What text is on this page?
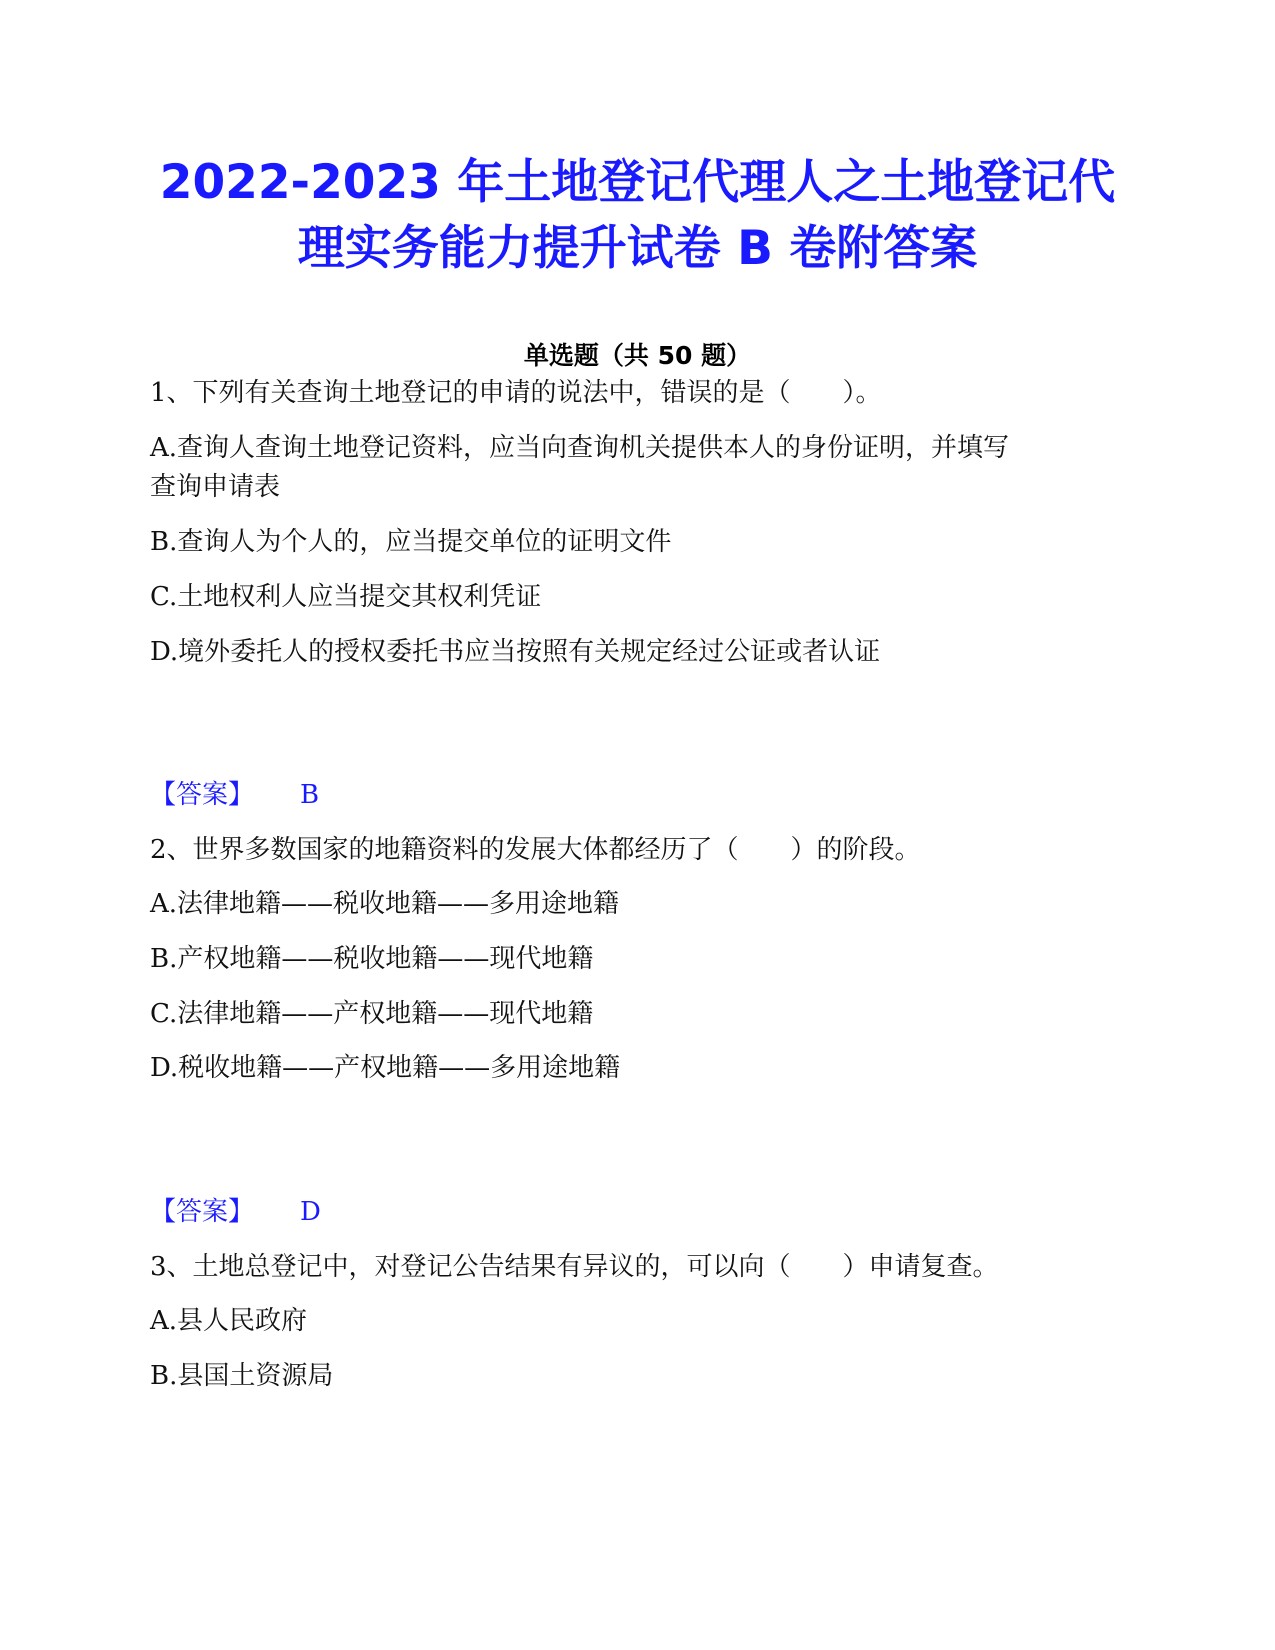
2022-2023 年土地登记代理人之土地登记代
理实务能力提升试卷 B 卷附答案
单选题（共 50 题）
1、下列有关查询土地登记的申请的说法中，错误的是（　　）。
A.查询人查询土地登记资料，应当向查询机关提供本人的身份证明，并填写
查询申请表
B.查询人为个人的，应当提交单位的证明文件
C.土地权利人应当提交其权利凭证
D.境外委托人的授权委托书应当按照有关规定经过公证或者认证
【答案】 B
2、世界多数国家的地籍资料的发展大体都经历了（　　）的阶段。
A.法律地籍——税收地籍——多用途地籍
B.产权地籍——税收地籍——现代地籍
C.法律地籍——产权地籍——现代地籍
D.税收地籍——产权地籍——多用途地籍
【答案】 D
3、土地总登记中，对登记公告结果有异议的，可以向（　　）申请复查。
A.县人民政府
B.县国土资源局
